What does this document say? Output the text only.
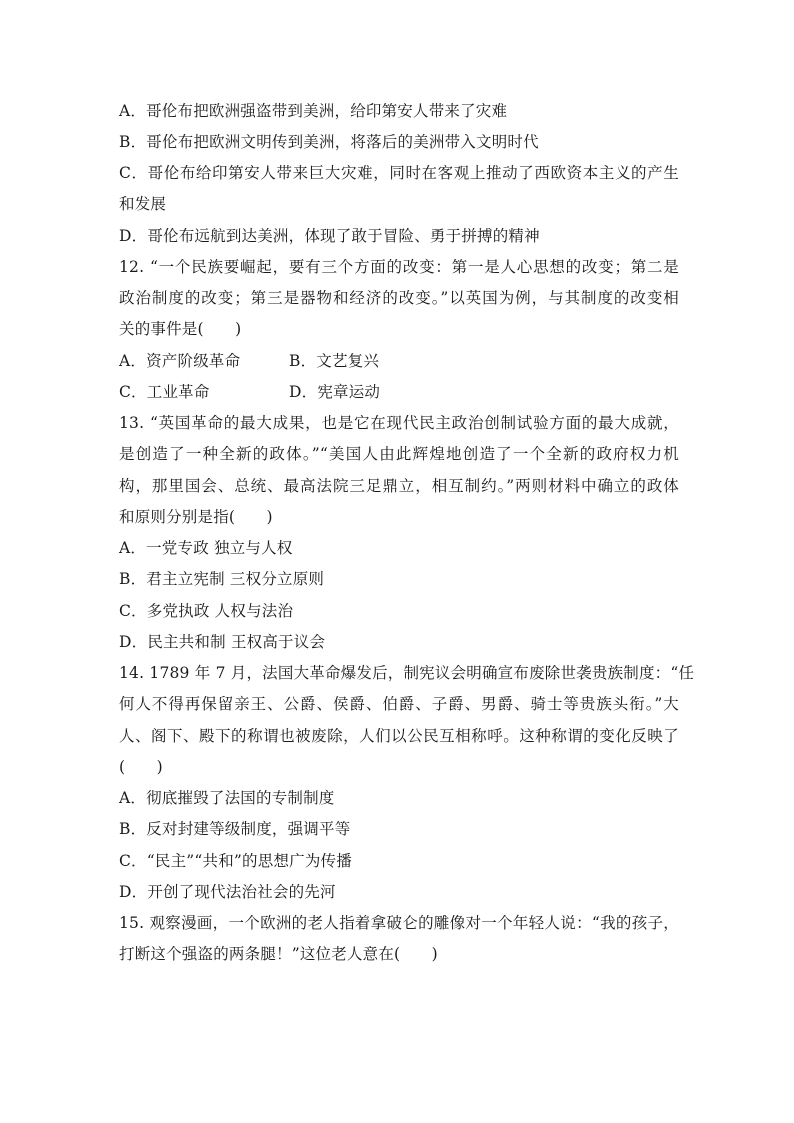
A．哥伦布把欧洲强盗带到美洲，给印第安人带来了灾难
B．哥伦布把欧洲文明传到美洲，将落后的美洲带入文明时代
C．哥伦布给印第安人带来巨大灾难，同时在客观上推动了西欧资本主义的产生
和发展
D．哥伦布远航到达美洲，体现了敢于冒险、勇于拼搏的精神
12. “一个民族要崛起，要有三个方面的改变：第一是人心思想的改变；第二是
政治制度的改变；第三是器物和经济的改变。”以英国为例，与其制度的改变相
关的事件是(　　)
A．资产阶级革命	B．文艺复兴
C．工业革命	D．宪章运动
13. “英国革命的最大成果，也是它在现代民主政治创制试验方面的最大成就，
是创造了一种全新的政体。”“美国人由此辉煌地创造了一个全新的政府权力机
构，那里国会、总统、最高法院三足鼎立，相互制约。”两则材料中确立的政体
和原则分别是指(　　)
A．一党专政 独立与人权
B．君主立宪制 三权分立原则
C．多党执政 人权与法治
D．民主共和制 王权高于议会
14. 1789 年 7 月，法国大革命爆发后，制宪议会明确宣布废除世袭贵族制度：“任
何人不得再保留亲王、公爵、侯爵、伯爵、子爵、男爵、骑士等贵族头衔。”大
人、阁下、殿下的称谓也被废除，人们以公民互相称呼。这种称谓的变化反映了
(　　)
A．彻底摧毁了法国的专制制度
B．反对封建等级制度，强调平等
C．“民主”“共和”的思想广为传播
D．开创了现代法治社会的先河
15. 观察漫画，一个欧洲的老人指着拿破仑的雕像对一个年轻人说：“我的孩子，
打断这个强盗的两条腿！”这位老人意在(　　)
